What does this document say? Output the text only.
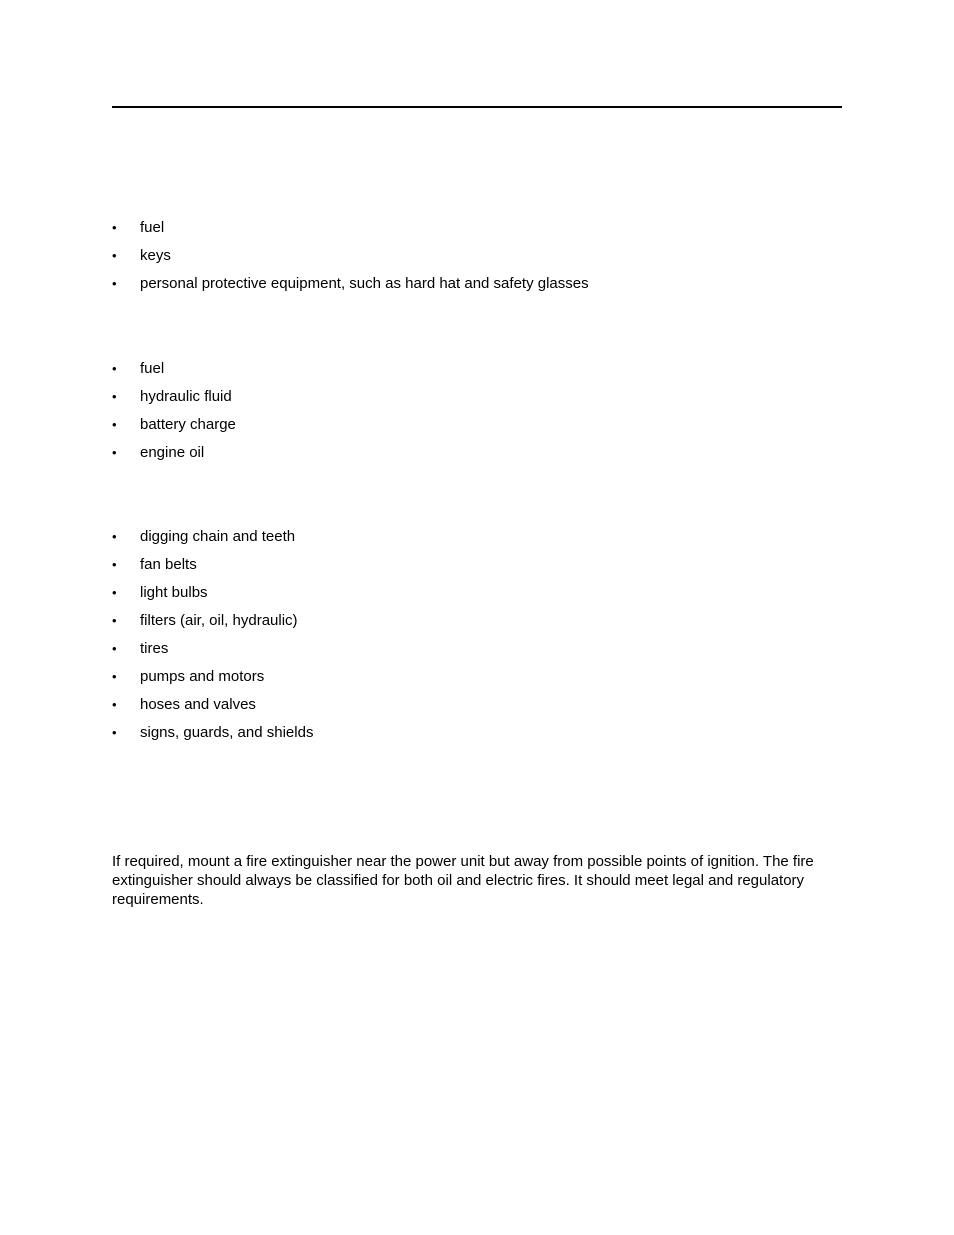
•	fuel
•	keys
•	personal protective equipment, such as hard hat and safety glasses
•	fuel
•	hydraulic fluid
•	battery charge
•	engine oil
•	digging chain and teeth
•	fan belts
•	light bulbs
•	filters (air, oil, hydraulic)
•	tires
•	pumps and motors
•	hoses and valves
•	signs, guards, and shields

If required, mount a fire extinguisher near the power unit but away from possible points of ignition. The fire extinguisher should always be classified for both oil and electric fires. It should meet legal and regulatory requirements.
